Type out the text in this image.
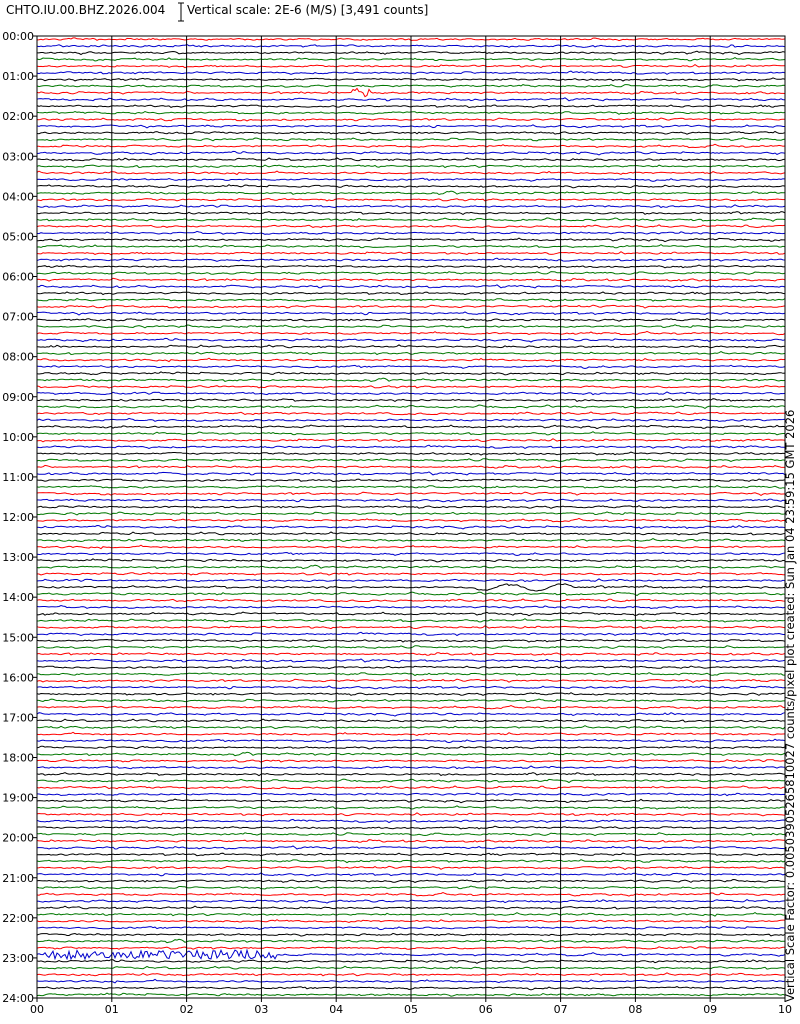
CHTO.IU.00.BHZ.2026.004 Vertical scale: 2E-6 (M/S) [3,491 counts]
00:00
01:00
02:00
03:00
04:00
05:00
06:00
07:00
08:00
09:00
10:00
11:00
12:00
13:00
14:00
15:00
16:00
17:00
18:00
19:00
20:00
21:00
22:00
23:00
24:00
00	01	02	03	04	05	06	07	08	09	10
Vertical Scale Factor: 0.00503905265810027 counts/pixel plot created: Sun Jan 04 23:59:15 GMT 2026
